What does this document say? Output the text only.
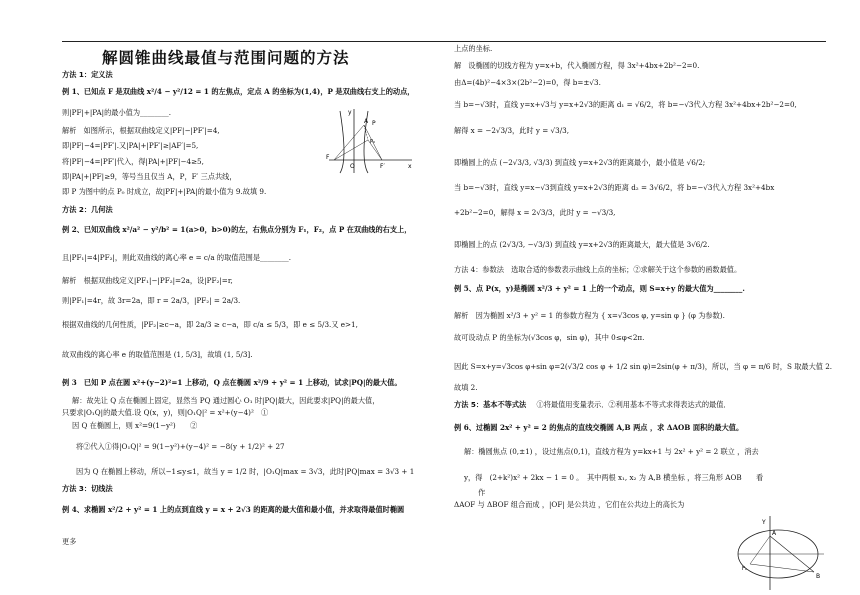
解圆锥曲线最值与范围问题的方法
方法 1：定义法
例 1、已知点 F 是双曲线 x²/4 − y²/12 = 1 的左焦点，定点 A 的坐标为(1,4)，P 是双曲线右支上的动点，
则|PF|+|PA|的最小值为________.
解析　如图所示，根据双曲线定义|PF|−|PF′|=4,
即|PF|−4=|PF′|.又|PA|+|PF′|≥|AF′|=5,
将|PF|−4=|PF′|代入，得|PA|+|PF|−4≥5,
即|PA|+|PF|≥9，等号当且仅当 A，P，F′ 三点共线，
即 P 为图中的点 P₀ 时成立，故|PF|+|PA|的最小值为 9.故填 9.
y
A P
P₀
F
O	F′	x
方法 2：几何法
例 2、已知双曲线 x²/a² − y²/b² = 1(a>0，b>0)的左，右焦点分别为 F₁，F₂，点 P 在双曲线的右支上，
且|PF₁|=4|PF₂|，则此双曲线的离心率 e = c/a 的取值范围是________.
解析　根据双曲线定义|PF₁|−|PF₂|=2a，设|PF₂|=r,
则|PF₁|=4r，故 3r=2a，即 r = 2a/3，|PF₂| = 2a/3.
根据双曲线的几何性质，|PF₂|≥c−a，即 2a/3 ≥ c−a，即 c/a ≤ 5/3，即 e ≤ 5/3.又 e>1,
故双曲线的离心率 e 的取值范围是 (1, 5/3]，故填 (1, 5/3].
例 3　已知 P 点在圆 x²+(y−2)²=1 上移动，Q 点在椭圆 x²/9 + y² = 1 上移动，试求|PQ|的最大值。
解：故先让 Q 点在椭圆上固定，显然当 PQ 通过圆心 O₁ 时|PQ|最大，因此要求|PQ|的最大值，
只要求|O₁Q|的最大值.设 Q(x，y)，则|O₁Q|² = x²+(y−4)²　①
因 Q 在椭圆上，则 x²=9(1−y²)　　②
将②代入①得|O₁Q|² = 9(1−y²)+(y−4)² = −8(y + 1/2)² + 27
因为 Q 在椭圆上移动，所以−1≤y≤1，故当 y = 1/2 时，|O₁Q|max = 3√3，此时|PQ|max = 3√3 + 1
方法 3：切线法
例 4、求椭圆 x²/2 + y² = 1 上的点到直线 y = x + 2√3 的距离的最大值和最小值，并求取得最值时椭圆
更多
上点的坐标.
解　设椭圆的切线方程为 y=x+b，代入椭圆方程，得 3x²+4bx+2b²−2=0.
由Δ=(4b)²−4×3×(2b²−2)=0，得 b=±√3.
当 b=−√3时，直线 y=x+√3与 y=x+2√3的距离 d₁ = √6/2，将 b=−√3代入方程 3x²+4bx+2b²−2=0,
解得 x = −2√3/3，此时 y = √3/3,
即椭圆上的点 (−2√3/3, √3/3) 到直线 y=x+2√3的距离最小，最小值是 √6/2;
当 b=−√3时，直线 y=x−√3到直线 y=x+2√3的距离 d₂ = 3√6/2，将 b=−√3代入方程 3x²+4bx
+2b²−2=0，解得 x = 2√3/3，此时 y = −√3/3,
即椭圆上的点 (2√3/3, −√3/3) 到直线 y=x+2√3的距离最大，最大值是 3√6/2.
方法 4：参数法　选取合适的参数表示曲线上点的坐标；②求解关于这个参数的函数最值。
例 5、点 P(x，y)是椭圆 x²/3 + y² = 1 上的一个动点，则 S=x+y 的最大值为________.
解析　因为椭圆 x²/3 + y² = 1 的参数方程为 { x=√3cos φ, y=sin φ } (φ 为参数).
故可设动点 P 的坐标为(√3cos φ，sin φ)，其中 0≤φ<2π.
因此 S=x+y=√3cos φ+sin φ=2(√3/2 cos φ + 1/2 sin φ)=2sin(φ + π/3)，所以，当 φ = π/6 时，S 取最大值 2.
故填 2.
方法 5：基本不等式法 ①将最值用变量表示．②利用基本不等式求得表达式的最值．
例 6、过椭圆 2x² + y² = 2 的焦点的直线交椭圆 A,B 两点 ，求 ΔAOB 面积的最大值。
解：椭圆焦点 (0,±1) ，设过焦点(0,1)，直线方程为 y=kx+1 与 2x² + y² = 2 联立 ，消去
y，得　(2+k²)x² + 2kx − 1 = 0 。　其中两根 x₁, x₂ 为 A,B 横坐标 ，将三角形 AOB　　看
作
ΔAOF 与 ΔBOF 组合而成 ，|OF| 是公共边 ，它们在公共边上的高长为
Y
A
F₁
B
